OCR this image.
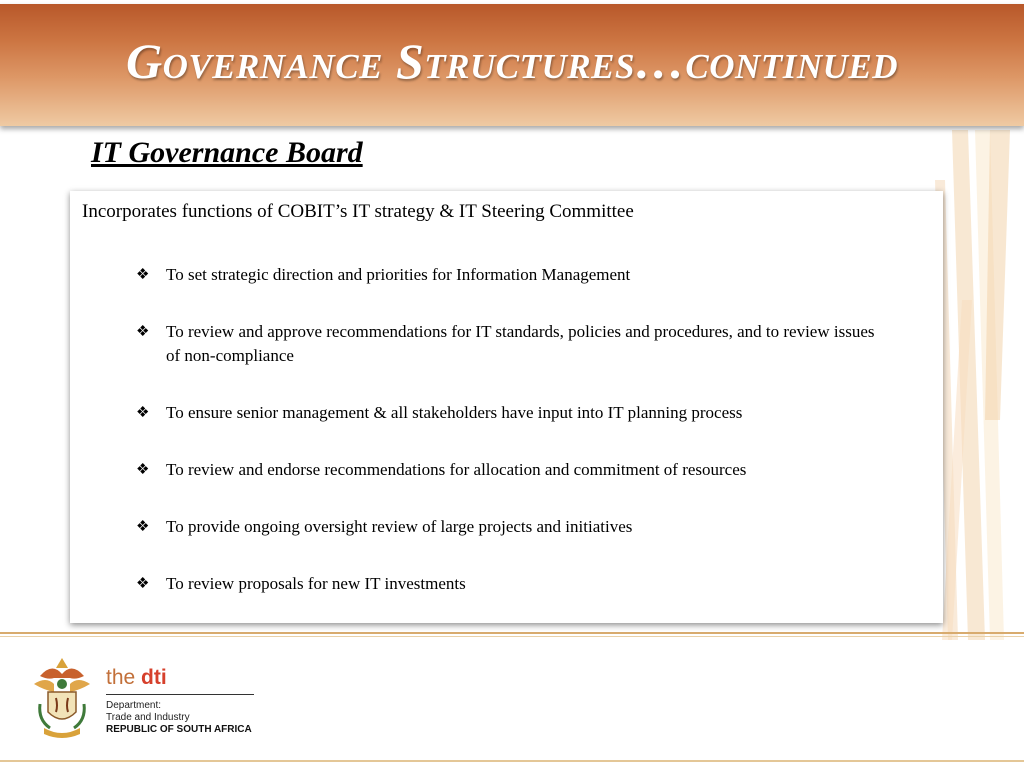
Governance Structures…continued
IT Governance Board
Incorporates functions of COBIT’s IT strategy & IT Steering Committee
❖ To set strategic direction and priorities for Information Management
❖ To review and approve recommendations for IT standards, policies and procedures, and to review issues of non-compliance
❖ To ensure senior management & all stakeholders have input into IT planning process
❖ To review and endorse recommendations for allocation and commitment of resources
❖ To provide ongoing oversight review of large projects and initiatives
❖ To review proposals for new IT investments
the dti
Department:
Trade and Industry
REPUBLIC OF SOUTH AFRICA
